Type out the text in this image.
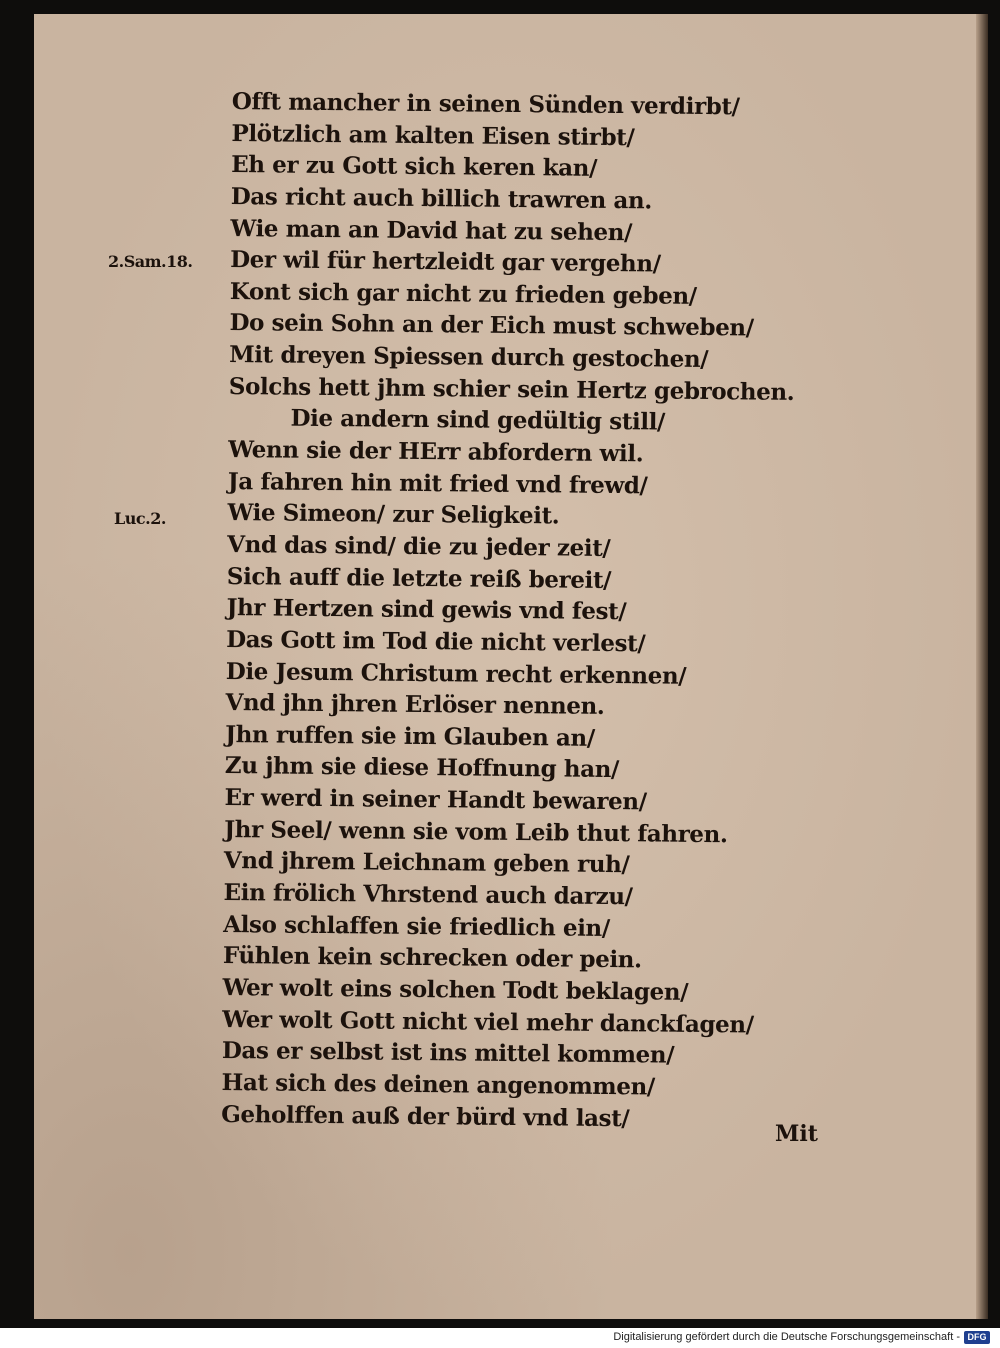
Offt mancher in seinen Sünden verdirbt/
Plötzlich am kalten Eisen stirbt/
Eh er zu Gott sich keren kan/
Das richt auch billich trawren an.
Wie man an David hat zu sehen/
Der wil für hertzleidt gar vergehn/
Kont sich gar nicht zu frieden geben/
Do sein Sohn an der Eich must schweben/
Mit dreyen Spiessen durch gestochen/
Solchs hett jhm schier sein Hertz gebrochen.
Die andern sind gedültig still/
Wenn sie der HErr abfordern wil.
Ja fahren hin mit fried vnd frewd/
Wie Simeon/ zur Seligkeit.
Vnd das sind/ die zu jeder zeit/
Sich auff die letzte reiß bereit/
Jhr Hertzen sind gewis vnd fest/
Das Gott im Tod die nicht verlest/
Die Jesum Christum recht erkennen/
Vnd jhn jhren Erlöser nennen.
Jhn ruffen sie im Glauben an/
Zu jhm sie diese Hoffnung han/
Er werd in seiner Handt bewaren/
Jhr Seel/ wenn sie vom Leib thut fahren.
Vnd jhrem Leichnam geben ruh/
Ein frölich Vhrstend auch darzu/
Also schlaffen sie friedlich ein/
Fühlen kein schrecken oder pein.
Wer wolt eins solchen Todt beklagen/
Wer wolt Gott nicht viel mehr danckſagen/
Das er selbst ist ins mittel kommen/
Hat sich des deinen angenommen/
Geholffen auß der bürd vnd last/
2.Sam.18.
Luc.2.
Mit
Digitalisierung gefördert durch die Deutsche Forschungsgemeinschaft - DFG
